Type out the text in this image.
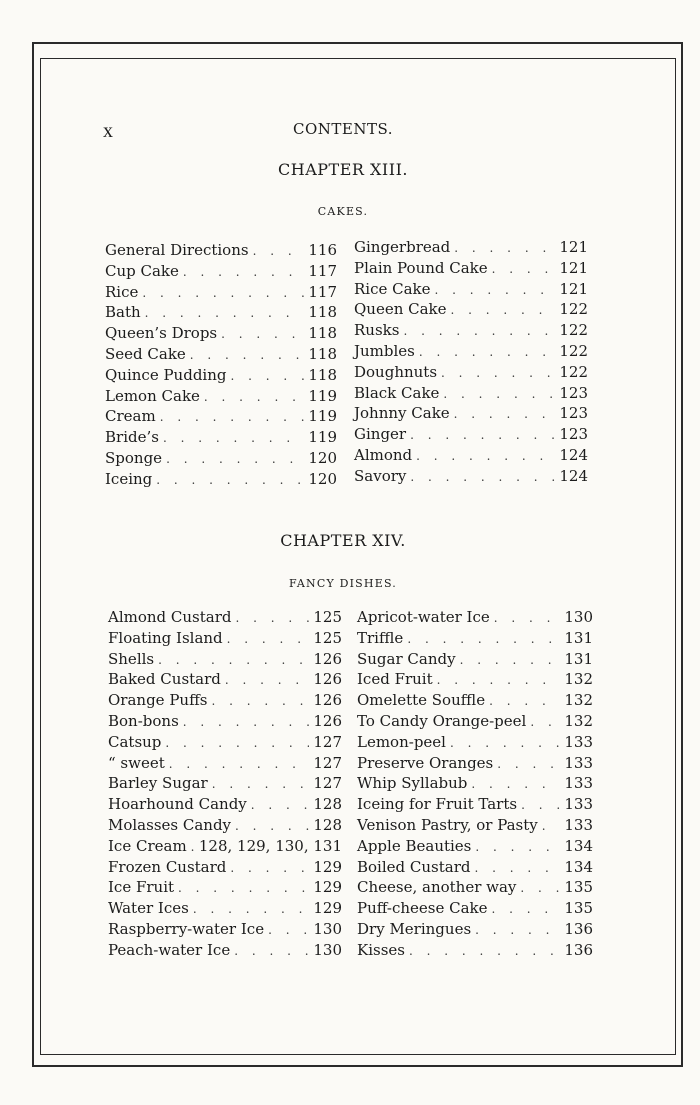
x	CONTENTS.
CHAPTER XIII.
CAKES.
General Directions . . .	116
Cup Cake . . .	117
Rice . . .	117
Bath . . .	118
Queen’s Drops . . .	118
Seed Cake . . .	118
Quince Pudding . . .	118
Lemon Cake . . .	119
Cream . . .	119
Bride’s . . .	119
Sponge . . .	120
Iceing . . .	120
Gingerbread . . .	121
Plain Pound Cake . . .	121
Rice Cake . . .	121
Queen Cake . . .	122
Rusks . . .	122
Jumbles . . .	122
Doughnuts . . .	122
Black Cake . . .	123
Johnny Cake . . .	123
Ginger . . .	123
Almond . . .	124
Savory . . .	124
CHAPTER XIV.
FANCY DISHES.
Almond Custard . . .	125
Floating Island . . .	125
Shells . . .	126
Baked Custard . . .	126
Orange Puffs . . .	126
Bon-bons . . .	126
Catsup . . .	127
“ sweet . . .	127
Barley Sugar . . .	127
Hoarhound Candy . . .	128
Molasses Candy . . .	128
Ice Cream . . . 128, 129, 130, 131
Frozen Custard . . .	129
Ice Fruit . . .	129
Water Ices . . .	129
Raspberry-water Ice . . .	130
Peach-water Ice . . .	130
Apricot-water Ice . . .	130
Triffle . . .	131
Sugar Candy . . .	131
Iced Fruit . . .	132
Omelette Souffle . . .	132
To Candy Orange-peel . . .	132
Lemon-peel . . .	133
Preserve Oranges . . .	133
Whip Syllabub . . .	133
Iceing for Fruit Tarts . . .	133
Venison Pastry, or Pasty . . . 133
Apple Beauties . . .	134
Boiled Custard . . .	134
Cheese, another way . . .	135
Puff-cheese Cake . . .	135
Dry Meringues . . .	136
Kisses . . .	136
